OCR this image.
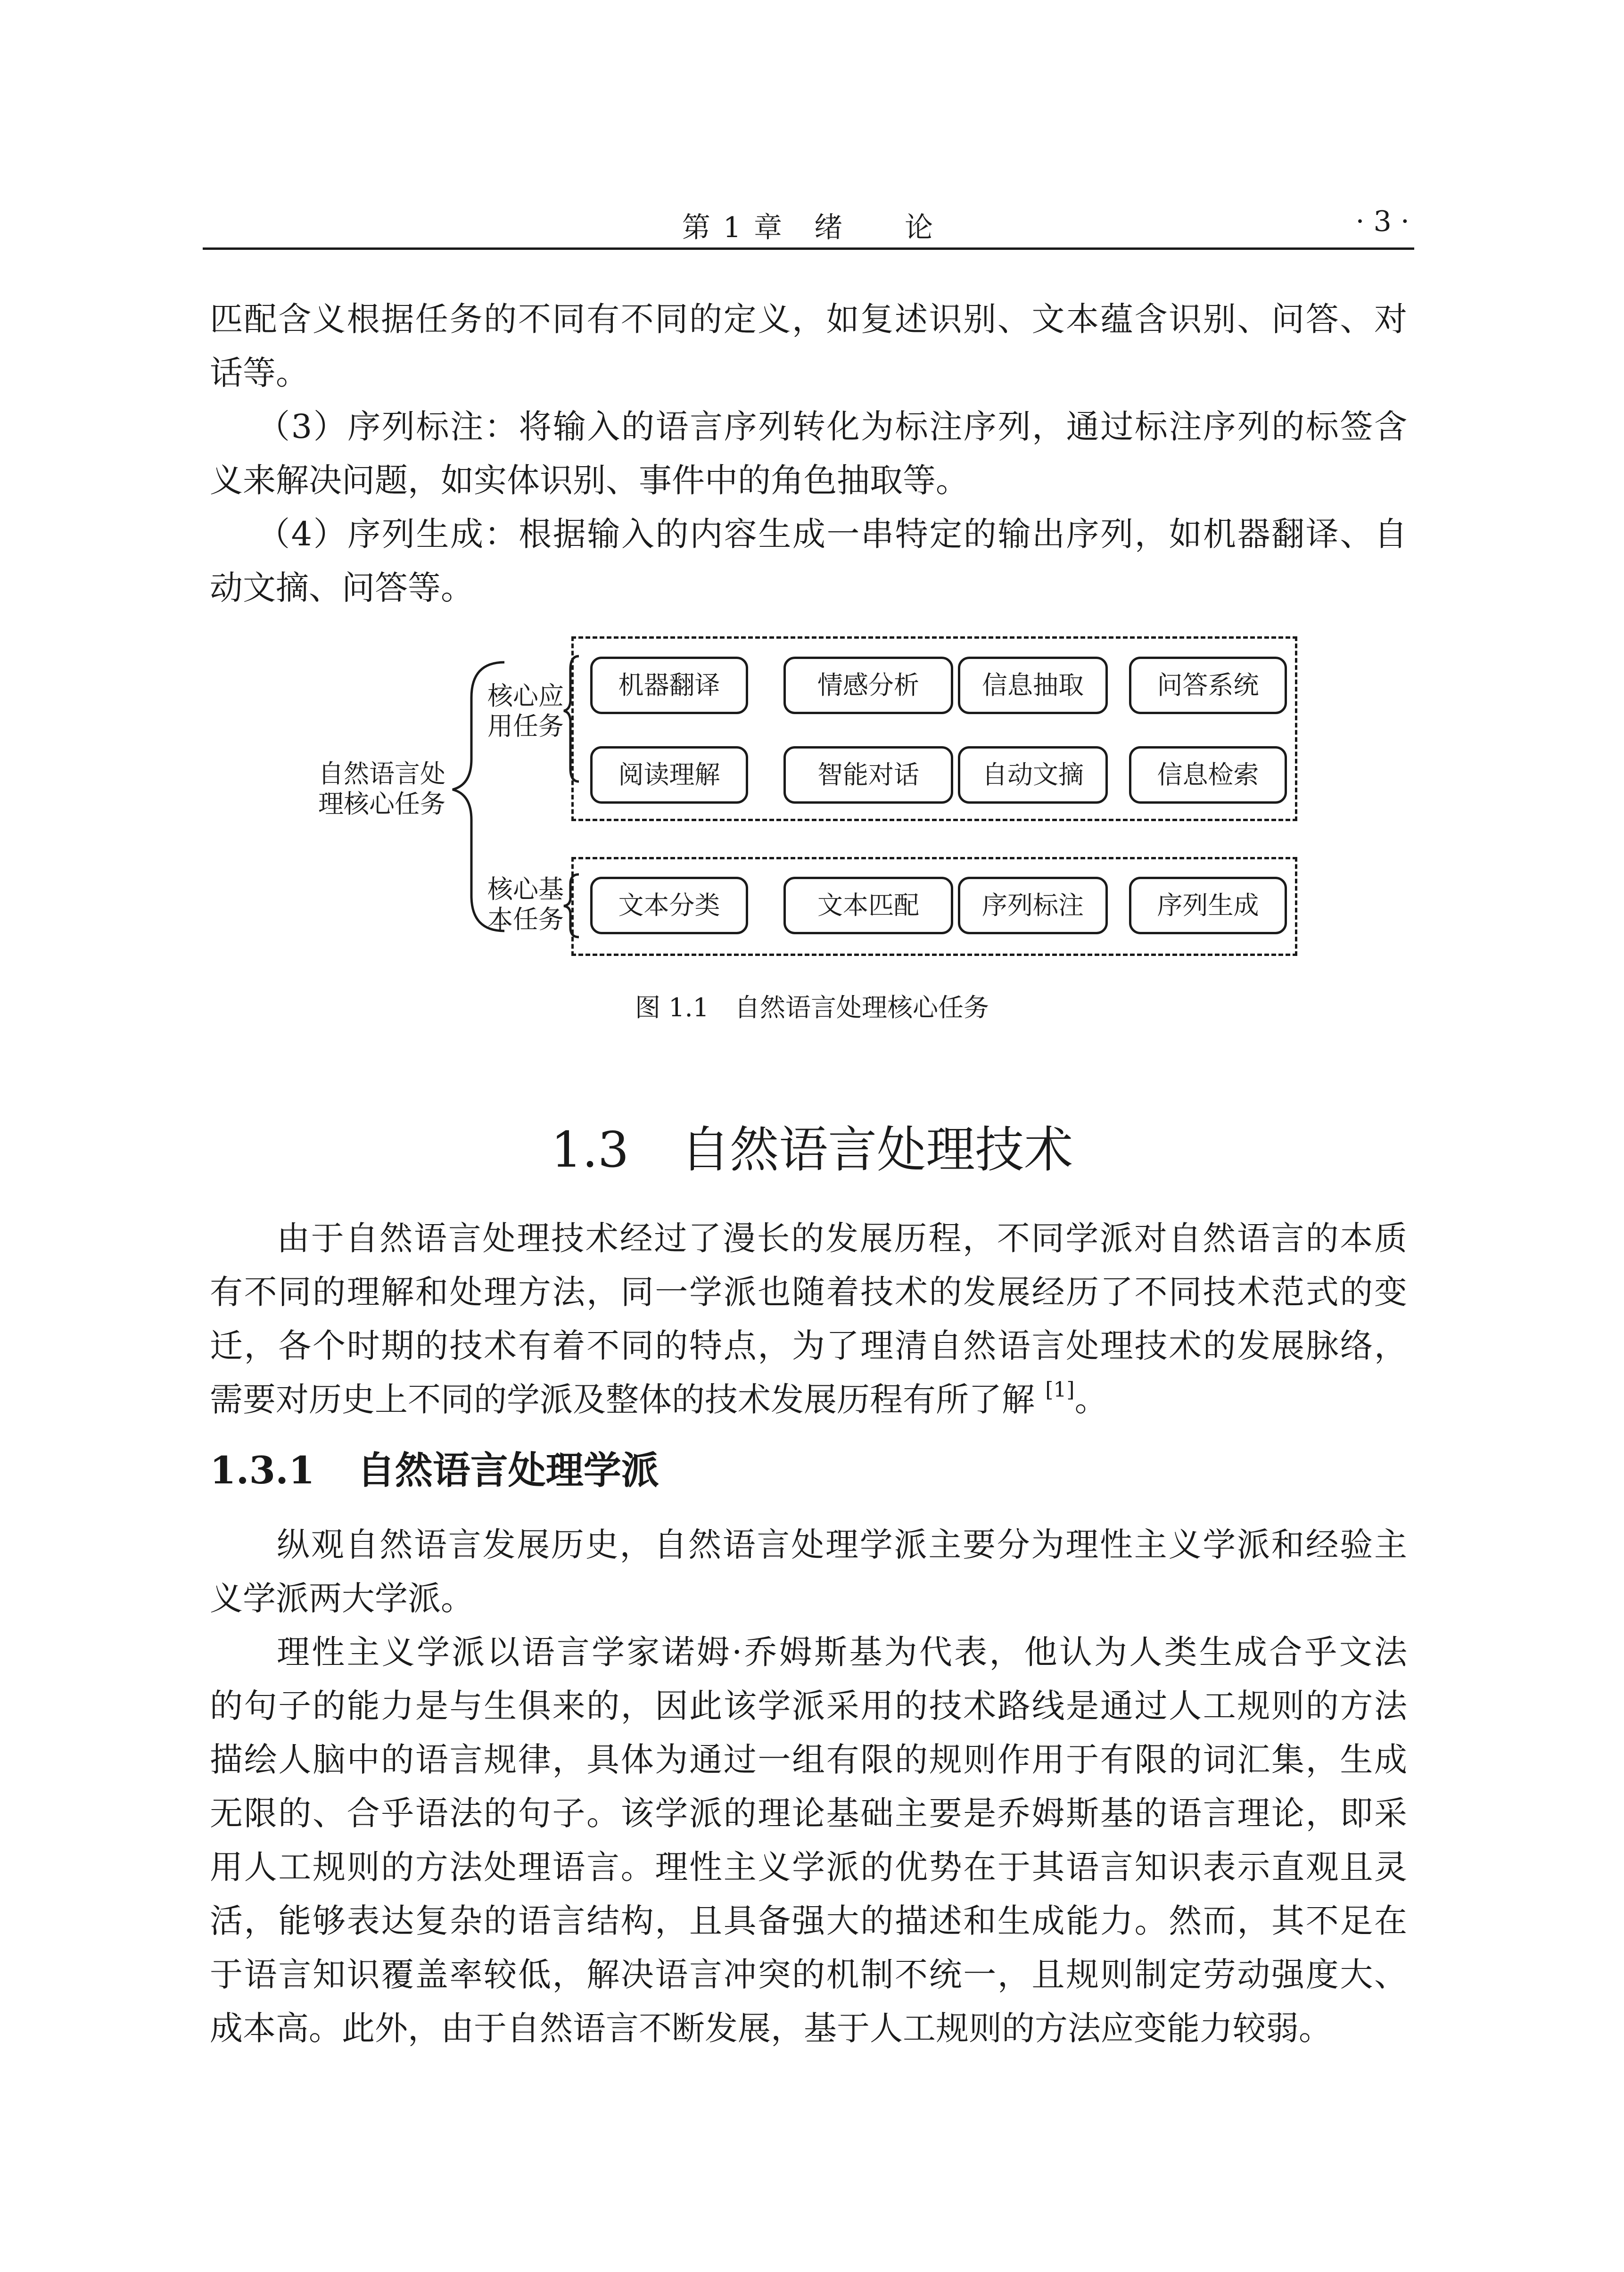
第 1 章　绪　　论	· 3 ·

匹配含义根据任务的不同有不同的定义，如复述识别、文本蕴含识别、问答、对

话等。

（3）序列标注：将输入的语言序列转化为标注序列，通过标注序列的标签含

义来解决问题，如实体识别、事件中的角色抽取等。

（4）序列生成：根据输入的内容生成一串特定的输出序列，如机器翻译、自

动文摘、问答等。

自然语言处
理核心任务
核心应
用任务
核心基
本任务
机器翻译	情感分析	信息抽取	问答系统
阅读理解	智能对话	自动文摘	信息检索
文本分类	文本匹配	序列标注	序列生成
图 1.1　自然语言处理核心任务
1.3 自然语言处理技术

由于自然语言处理技术经过了漫长的发展历程，不同学派对自然语言的本质

有不同的理解和处理方法，同一学派也随着技术的发展经历了不同技术范式的变

迁，各个时期的技术有着不同的特点，为了理清自然语言处理技术的发展脉络，

需要对历史上不同的学派及整体的技术发展历程有所了解 [1]。

1.3.1 自然语言处理学派

纵观自然语言发展历史，自然语言处理学派主要分为理性主义学派和经验主

义学派两大学派。

理性主义学派以语言学家诺姆·乔姆斯基为代表，他认为人类生成合乎文法

的句子的能力是与生俱来的，因此该学派采用的技术路线是通过人工规则的方法

描绘人脑中的语言规律，具体为通过一组有限的规则作用于有限的词汇集，生成

无限的、合乎语法的句子。该学派的理论基础主要是乔姆斯基的语言理论，即采

用人工规则的方法处理语言。理性主义学派的优势在于其语言知识表示直观且灵

活，能够表达复杂的语言结构，且具备强大的描述和生成能力。然而，其不足在

于语言知识覆盖率较低，解决语言冲突的机制不统一，且规则制定劳动强度大、

成本高。此外，由于自然语言不断发展，基于人工规则的方法应变能力较弱。
